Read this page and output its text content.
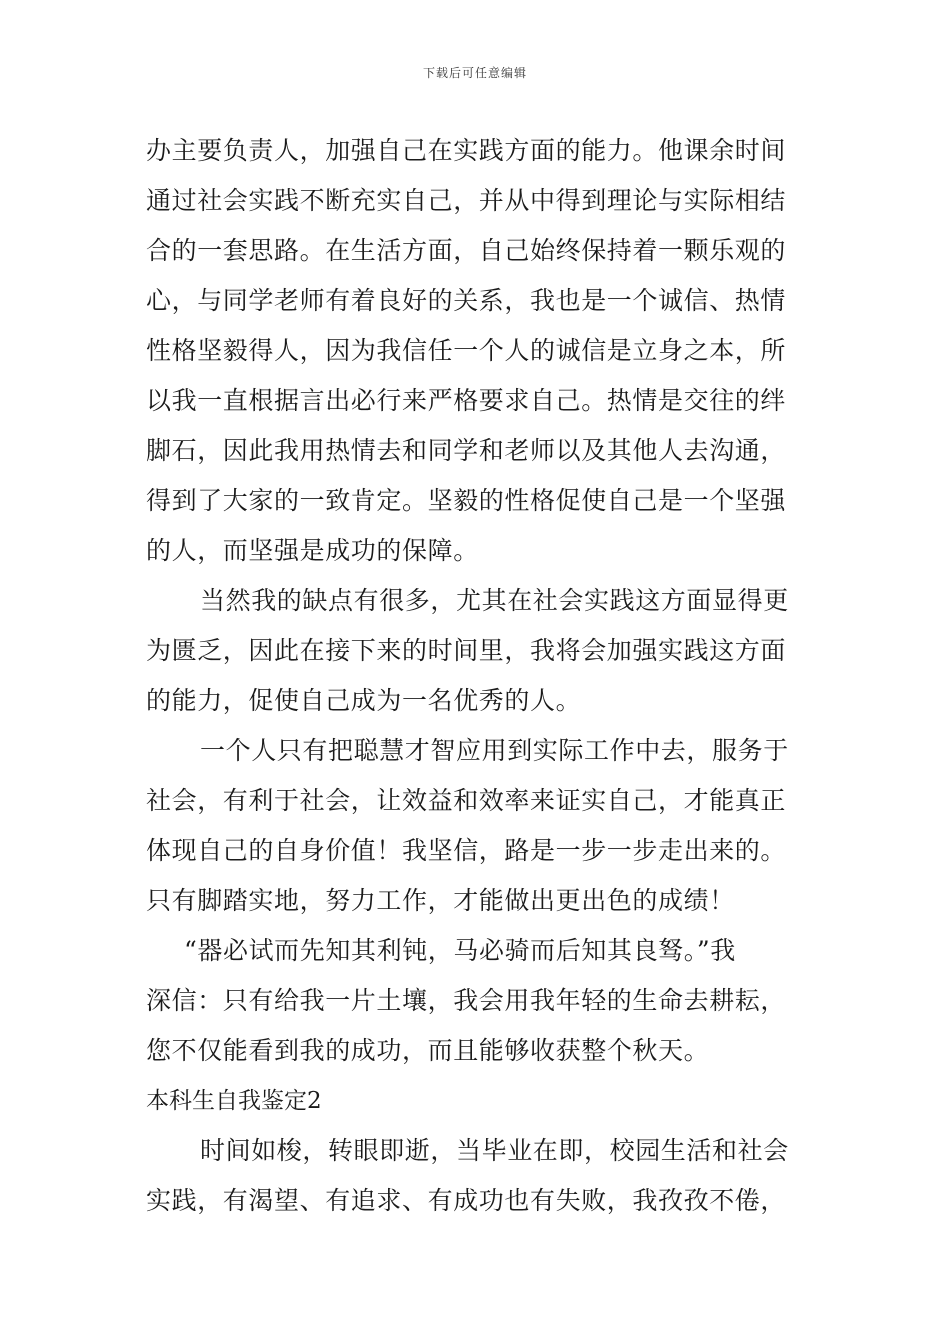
下载后可任意编辑
办主要负责人，加强自己在实践方面的能力。他课余时间
通过社会实践不断充实自己，并从中得到理论与实际相结
合的一套思路。在生活方面，自己始终保持着一颗乐观的
心，与同学老师有着良好的关系，我也是一个诚信、热情
性格坚毅得人，因为我信任一个人的诚信是立身之本，所
以我一直根据言出必行来严格要求自己。热情是交往的绊
脚石，因此我用热情去和同学和老师以及其他人去沟通，
得到了大家的一致肯定。坚毅的性格促使自己是一个坚强
的人，而坚强是成功的保障。
当然我的缺点有很多，尤其在社会实践这方面显得更
为匮乏，因此在接下来的时间里，我将会加强实践这方面
的能力，促使自己成为一名优秀的人。
一个人只有把聪慧才智应用到实际工作中去，服务于
社会，有利于社会，让效益和效率来证实自己，才能真正
体现自己的自身价值！我坚信，路是一步一步走出来的。
只有脚踏实地，努力工作，才能做出更出色的成绩！
“器必试而先知其利钝，马必骑而后知其良驽。”我
深信：只有给我一片土壤，我会用我年轻的生命去耕耘，
您不仅能看到我的成功，而且能够收获整个秋天。
本科生自我鉴定2
时间如梭，转眼即逝，当毕业在即，校园生活和社会
实践，有渴望、有追求、有成功也有失败，我孜孜不倦，
